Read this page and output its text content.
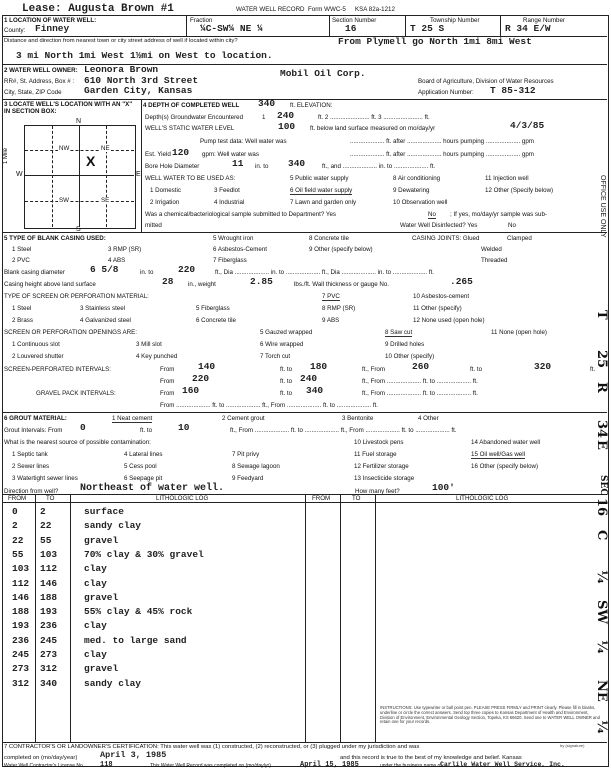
Lease: Augusta Brown #1	WATER WELL RECORD Form WWC-5 KSA 82a-1212
1 LOCATION OF WATER WELL:	Fraction	Section Number	Township Number	Range Number
County: Finney	¼C-SW¼ NE ¼	16	T 25 S	R 34 E/W
Distance and direction from nearest town or city street address of well if located within city?	From Plymell go North 1mi 8mi West
3 mi North 1mi West 1½mi on West to location.
2 WATER WELL OWNER: Leonora Brown	Mobil Oil Corp.
RR#, St. Address, Box # : 610 North 3rd Street	Board of Agriculture, Division of Water Resources
City, State, ZIP Code Garden City, Kansas	Application Number: T 85-312
3 LOCATE WELL'S LOCATION WITH AN "X" IN SECTION BOX:
N
S
E
W
1 Mile	NW	NE
SW	SE
X
4 DEPTH OF COMPLETED WELL 340 ft. ELEVATION:
Depth(s) Groundwater Encountered	1 240	ft. 2 ....................... ft. 3 ....................... ft.
WELL'S STATIC WATER LEVEL	100 ft. below land surface measured on mo/day/yr	4/3/85
Pump test data: Well water was	.................... ft. after .................... hours pumping .................... gpm
Est. Yield 120 gpm: Well water was	.................... ft. after .................... hours pumping .................... gpm
Bore Hole Diameter	11 in. to 340	ft., and .................... in. to .................... ft.
WELL WATER TO BE USED AS:
1 Domestic
2 Irrigation
3 Feedlot
4 Industrial
5 Public water supply
6 Oil field water supply
7 Lawn and garden only
8 Air conditioning
9 Dewatering
10 Observation well
11 Injection well
12 Other (Specify below)
Was a chemical/bacteriological sample submitted to Department? Yes	No ; If yes, mo/day/yr sample was sub-
mitted	Water Well Disinfected? Yes	No
5 TYPE OF BLANK CASING USED:
1 Steel
2 PVC
3 RMP (SR)
4 ABS
5 Wrought iron
6 Asbestos-Cement
7 Fiberglass
8 Concrete tile
9 Other (specify below)
CASING JOINTS: Glued	Clamped
Welded
Threaded
Blank casing diameter	6 5/8	in. to	220	ft., Dia .................... in. to .................... ft., Dia .................... in. to .................... ft.
Casing height above land surface	28 in., weight	2.85	lbs./ft. Wall thickness or gauge No.	.265
TYPE OF SCREEN OR PERFORATION MATERIAL:
1 Steel
2 Brass
3 Stainless steel
4 Galvanized steel
5 Fiberglass
6 Concrete tile
7 PVC
8 RMP (SR)
9 ABS
10 Asbestos-cement
11 Other (specify)
12 None used (open hole)
SCREEN OR PERFORATION OPENINGS ARE:
1 Continuous slot
2 Louvered shutter
3 Mill slot
4 Key punched
5 Gauzed wrapped
6 Wire wrapped
7 Torch cut
8 Saw cut
9 Drilled holes
10 Other (specify)
11 None (open hole)
SCREEN-PERFORATED INTERVALS:	From 140	ft. to 180	ft., From	260	ft. to	320	ft.
From 220	ft. to 240	ft., From .................... ft. to .................... ft.
GRAVEL PACK INTERVALS:	From 160	ft. to 340	ft., From .................... ft. to .................... ft.
From .................... ft. to .................... ft., From .................... ft. to .................... ft.
6 GROUT MATERIAL:	1 Neat cement	2 Cement grout	3 Bentonite	4 Other
Grout Intervals: From 0	ft. to	10	ft., From .................... ft. to .................... ft., From .................... ft. to .................... ft.
What is the nearest source of possible contamination:
1 Septic tank
2 Sewer lines
3 Watertight sewer lines
4 Lateral lines
5 Cess pool
6 Seepage pit
7 Pit privy
8 Sewage lagoon
9 Feedyard
10 Livestock pens
11 Fuel storage
12 Fertilizer storage
13 Insecticide storage
14 Abandoned water well
15 Oil well/Gas well
16 Other (specify below)
Direction from well? Northeast of water well.	How many feet?	100'
FROM	TO	LITHOLOGIC LOG	FROM	TO	LITHOLOGIC LOG
0 2	surface
2 22	sandy clay
22 55	gravel
55 103	70% clay & 30% gravel
103 112	clay
112 146	clay
146 188	gravel
188 193	55% clay & 45% rock
193 236	clay
236 245	med. to large sand
245 273	clay
273 312	gravel
312 340	sandy clay
7 CONTRACTOR'S OR LANDOWNER'S CERTIFICATION: This water well was (1) constructed, (2) reconstructed, or (3) plugged under my jurisdiction and was
completed on (mo/day/year)	April 3, 1985	and this record is true to the best of my knowledge and belief. Kansas
Water Well Contractor's License No. 118	This Water Well Record was completed on (mo/day/yr)	April 15, 1985	under the business name of
Carlile Water Well Service, Inc.
by (signature)
OFFICE USE ONLY
T
25
R
34
E
SEC
16
C
¼
SW
¼
NE
¼
INSTRUCTIONS: Use typewriter or ball point pen. PLEASE PRESS FIRMLY and PRINT clearly. Please fill in blanks, underline or circle the correct answers. Send top three copies to Kansas Department of Health and Environment, Division of Environment, Environmental Geology Section, Topeka, KS 66620. Send one to WATER WELL OWNER and retain one for your records.
